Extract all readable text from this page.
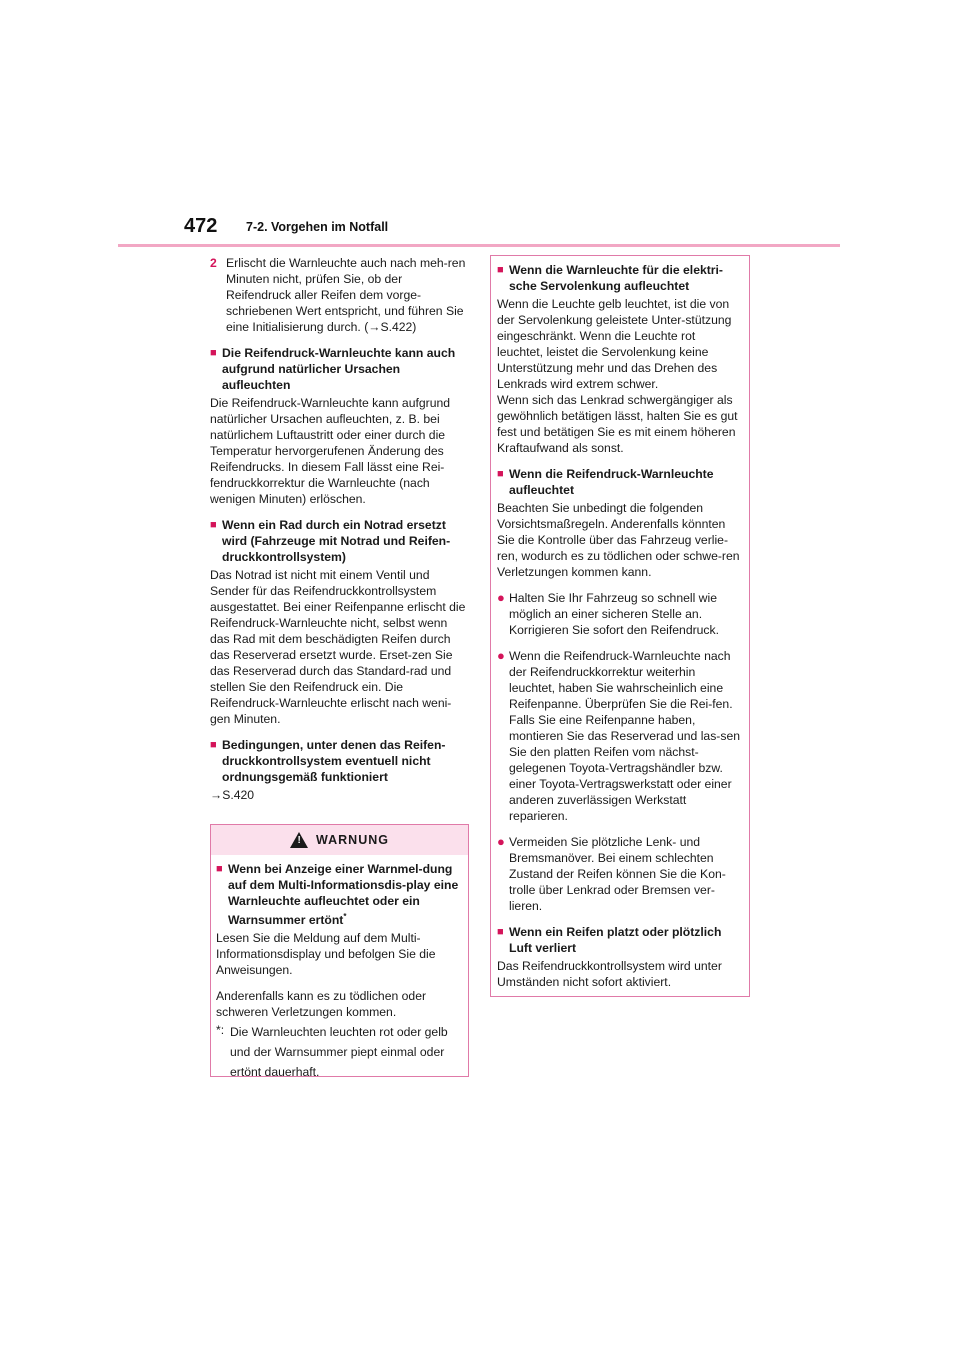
472 7-2. Vorgehen im Notfall
2 Erlischt die Warnleuchte auch nach meh-ren Minuten nicht, prüfen Sie, ob der Reifendruck aller Reifen dem vorge-schriebenen Wert entspricht, und führen Sie eine Initialisierung durch. (→S.422)
■ Die Reifendruck-Warnleuchte kann auch aufgrund natürlicher Ursachen aufleuchten

Die Reifendruck-Warnleuchte kann aufgrund natürlicher Ursachen aufleuchten, z. B. bei natürlichem Luftaustritt oder einer durch die Temperatur hervorgerufenen Änderung des Reifendrucks. In diesem Fall lässt eine Rei-fendruckkorrektur die Warnleuchte (nach wenigen Minuten) erlöschen.

■ Wenn ein Rad durch ein Notrad ersetzt wird (Fahrzeuge mit Notrad und Reifen-druckkontrollsystem)

Das Notrad ist nicht mit einem Ventil und Sender für das Reifendruckkontrollsystem ausgestattet. Bei einer Reifenpanne erlischt die Reifendruck-Warnleuchte nicht, selbst wenn das Rad mit dem beschädigten Reifen durch das Reserverad ersetzt wurde. Erset-zen Sie das Reserverad durch das Standard-rad und stellen Sie den Reifendruck ein. Die Reifendruck-Warnleuchte erlischt nach weni-gen Minuten.

■ Bedingungen, unter denen das Reifen-druckkontrollsystem eventuell nicht ordnungsgemäß funktioniert
→S.420
! WARNUNG
■ Wenn bei Anzeige einer Warnmel-dung auf dem Multi-Informationsdis-play eine Warnleuchte aufleuchtet oder ein Warnsummer ertönt*

Lesen Sie die Meldung auf dem Multi-Informationsdisplay und befolgen Sie die Anweisungen.

Anderenfalls kann es zu tödlichen oder schweren Verletzungen kommen.

*: Die Warnleuchten leuchten rot oder gelb und der Warnsummer piept einmal oder ertönt dauerhaft.
■ Wenn die Warnleuchte für die elektri-sche Servolenkung aufleuchtet
Wenn die Leuchte gelb leuchtet, ist die von der Servolenkung geleistete Unter-stützung eingeschränkt. Wenn die Leuchte rot leuchtet, leistet die Servolenkung keine Unterstützung mehr und das Drehen des Lenkrads wird extrem schwer.

Wenn sich das Lenkrad schwergängiger als gewöhnlich betätigen lässt, halten Sie es gut fest und betätigen Sie es mit einem höheren Kraftaufwand als sonst.

■ Wenn die Reifendruck-Warnleuchte aufleuchtet

Beachten Sie unbedingt die folgenden Vorsichtsmaßregeln. Anderenfalls könnten Sie die Kontrolle über das Fahrzeug verlie-ren, wodurch es zu tödlichen oder schwe-ren Verletzungen kommen kann.

● Halten Sie Ihr Fahrzeug so schnell wie möglich an einer sicheren Stelle an. Korrigieren Sie sofort den Reifendruck.
● Wenn die Reifendruck-Warnleuchte nach der Reifendruckkorrektur weiterhin leuchtet, haben Sie wahrscheinlich eine Reifenpanne. Überprüfen Sie die Rei-fen. Falls Sie eine Reifenpanne haben, montieren Sie das Reserverad und las-sen Sie den platten Reifen vom nächst-gelegenen Toyota-Vertragshändler bzw. einer Toyota-Vertragswerkstatt oder einer anderen zuverlässigen Werkstatt reparieren.
● Vermeiden Sie plötzliche Lenk- und Bremsmanöver. Bei einem schlechten Zustand der Reifen können Sie die Kon-trolle über Lenkrad oder Bremsen ver-lieren.
■ Wenn ein Reifen platzt oder plötzlich Luft verliert

Das Reifendruckkontrollsystem wird unter Umständen nicht sofort aktiviert.
